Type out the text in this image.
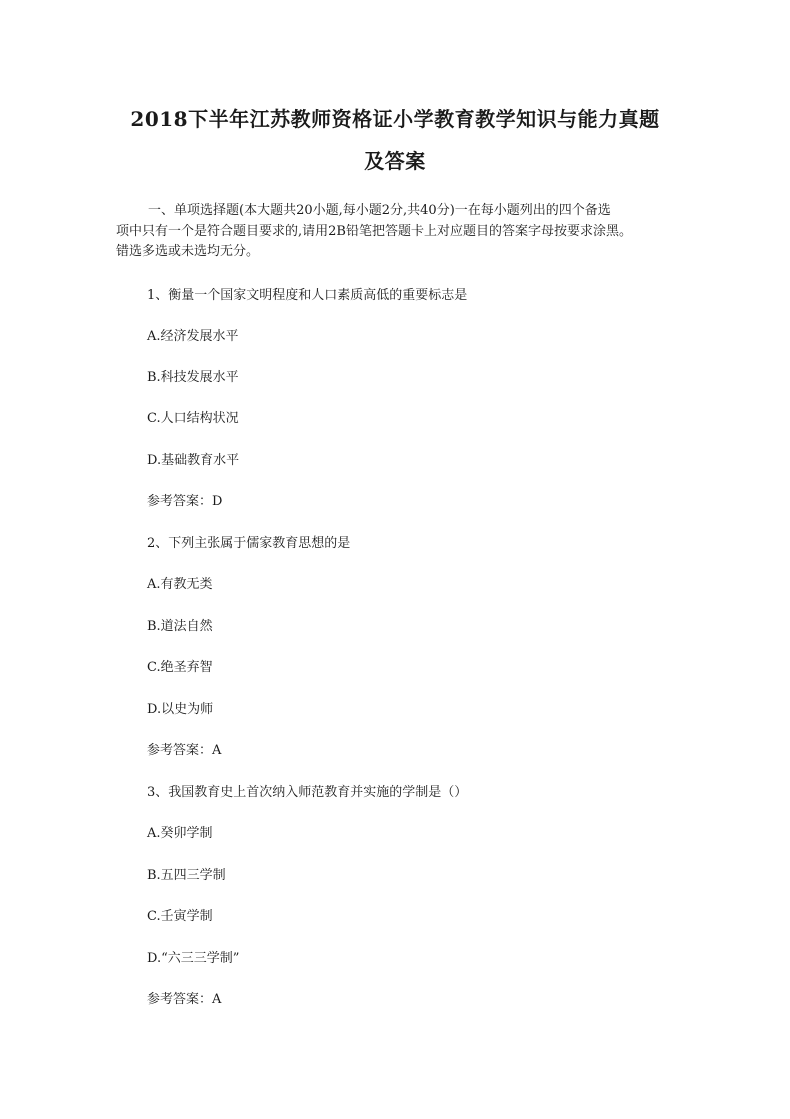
2018下半年江苏教师资格证小学教育教学知识与能力真题
及答案
一、单项选择题(本大题共20小题,每小题2分,共40分)一在每小题列出的四个备选
项中只有一个是符合题目要求的,请用2B铅笔把答题卡上对应题目的答案字母按要求涂黑。
错选多选或未选均无分。
1、衡量一个国家文明程度和人口素质高低的重要标志是
A.经济发展水平
B.科技发展水平
C.人口结构状况
D.基础教育水平
参考答案：D
2、下列主张属于儒家教育思想的是
A.有教无类
B.道法自然
C.绝圣弃智
D.以史为师
参考答案：A
3、我国教育史上首次纳入师范教育并实施的学制是（）
A.癸卯学制
B.五四三学制
C.壬寅学制
D.“六三三学制”
参考答案：A
